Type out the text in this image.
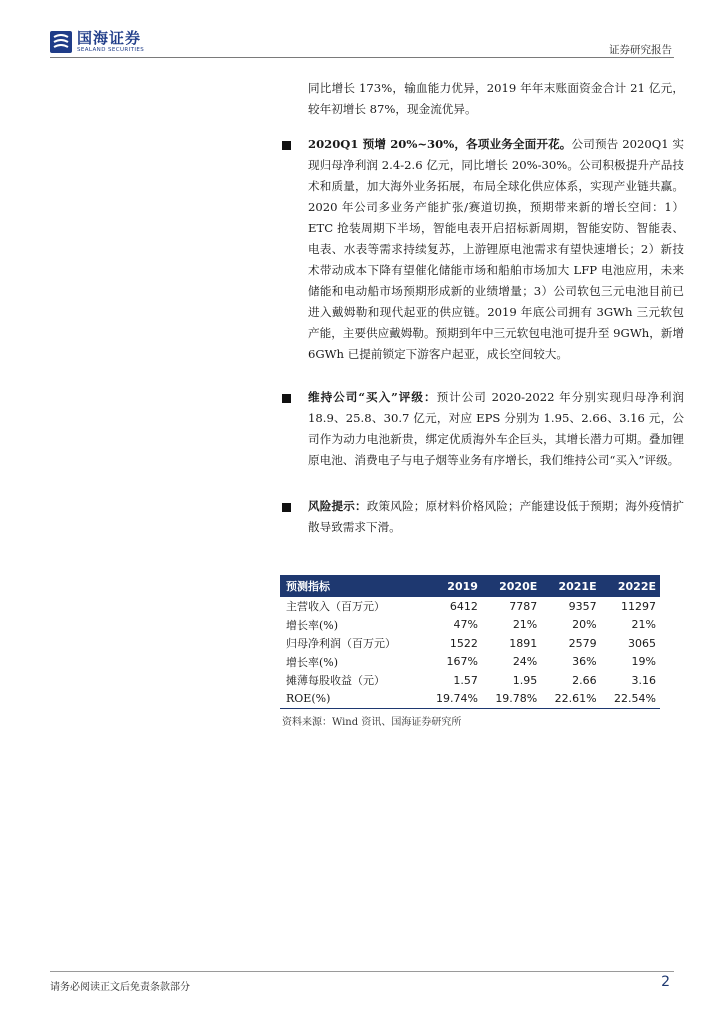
国海证券
SEALAND SECURITIES	证券研究报告
同比增长 173%，输血能力优异，2019 年年末账面资金合计 21 亿元，较年初增长 87%，现金流优异。
2020Q1 预增 20%~30%，各项业务全面开花。公司预告 2020Q1 实现归母净利润 2.4-2.6 亿元，同比增长 20%-30%。公司积极提升产品技术和质量，加大海外业务拓展，布局全球化供应体系，实现产业链共赢。2020 年公司多业务产能扩张/赛道切换，预期带来新的增长空间：1）ETC 抢装周期下半场，智能电表开启招标新周期，智能安防、智能表、电表、水表等需求持续复苏，上游锂原电池需求有望快速增长；2）新技术带动成本下降有望催化储能市场和船舶市场加大 LFP 电池应用，未来储能和电动船市场预期形成新的业绩增量；3）公司软包三元电池目前已进入戴姆勒和现代起亚的供应链。2019 年底公司拥有 3GWh 三元软包产能，主要供应戴姆勒。预期到年中三元软包电池可提升至 9GWh，新增 6GWh 已提前锁定下游客户起亚，成长空间较大。
维持公司“买入”评级：预计公司 2020-2022 年分别实现归母净利润 18.9、25.8、30.7 亿元，对应 EPS 分别为 1.95、2.66、3.16 元，公司作为动力电池新贵，绑定优质海外车企巨头，其增长潜力可期。叠加锂原电池、消费电子与电子烟等业务有序增长，我们维持公司“买入”评级。
风险提示：政策风险；原材料价格风险；产能建设低于预期；海外疫情扩散导致需求下滑。
预测指标	2019	2020E	2021E	2022E
主营收入（百万元）	6412	7787	9357	11297
增长率(%)	47%	21%	20%	21%
归母净利润（百万元）	1522	1891	2579	3065
增长率(%)	167%	24%	36%	19%
摊薄每股收益（元）	1.57	1.95	2.66	3.16
ROE(%)	19.74%	19.78%	22.61%	22.54%
资料来源：Wind 资讯、国海证券研究所
请务必阅读正文后免责条款部分	2
